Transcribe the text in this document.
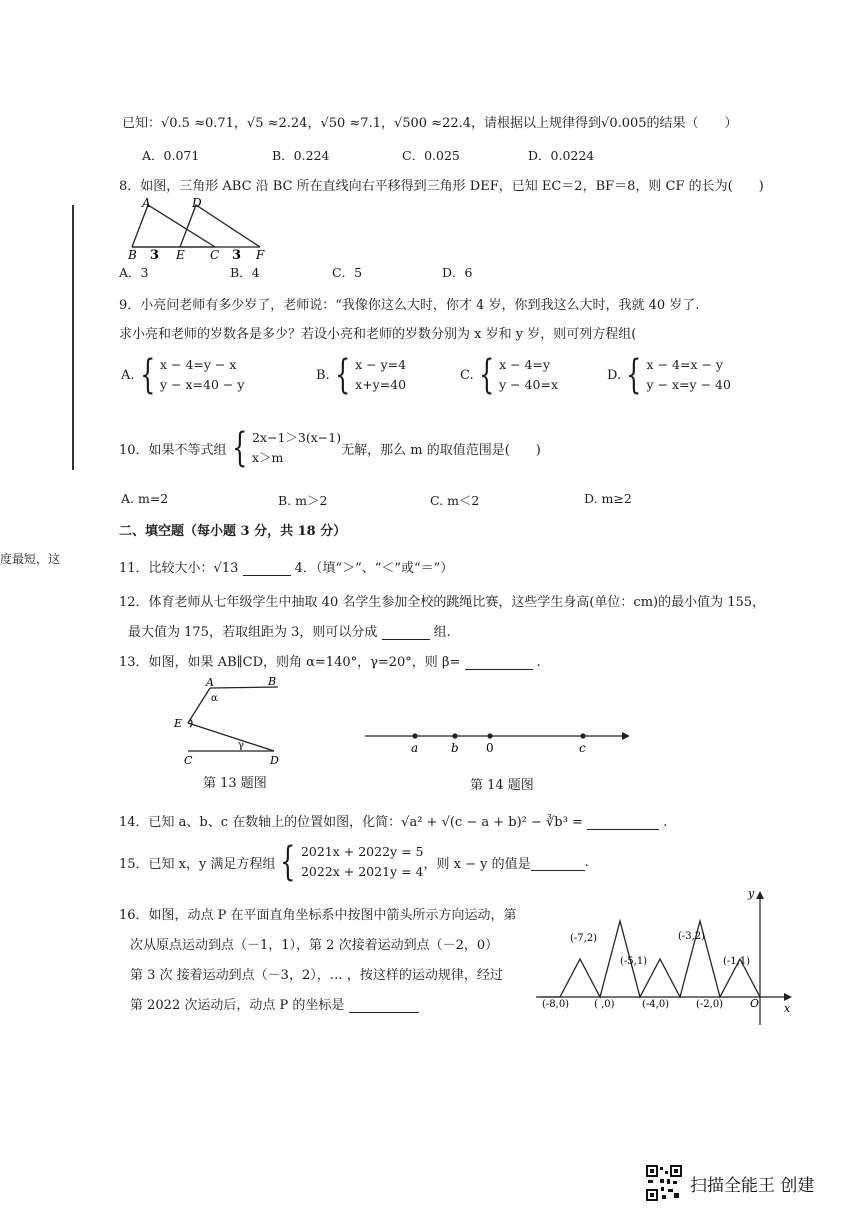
度最短，这
已知：√0.5 ≈0.71，√5 ≈2.24，√50 ≈7.1，√500 ≈22.4，请根据以上规律得到√0.005的结果（　　）
A．0.071	B．0.224	C．0.025	D．0.0224
8．如图，三角形 ABC 沿 BC 所在直线向右平移得到三角形 DEF，已知 EC＝2，BF＝8，则 CF 的长为(　　)
A	D
B	E C	F
3	3
A．3	B．4	C．5	D．6
9．小亮问老师有多少岁了，老师说：“我像你这么大时，你才 4 岁，你到我这么大时，我就 40 岁了.
求小亮和老师的岁数各是多少？若设小亮和老师的岁数分别为 x 岁和 y 岁，则可列方程组(
A. { x − 4=y − x
y − x=40 − y
B. { x − y=4
x+y=40
C. { x − 4=y
y − 40=x
D. { x − 4=x − y
y − x=y − 40
10．如果不等式组 { 2x−1＞3(x−1)
x＞m	无解，那么 m 的取值范围是(　　)
A. m=2	B. m＞2	C. m＜2	D. m≥2
二、填空题（每小题 3 分，共 18 分）
11．比较大小：√13	4．（填“＞”、“＜”或“＝”）
12．体育老师从七年级学生中抽取 40 名学生参加全校的跳绳比赛，这些学生身高(单位：cm)的最小值为 155，
最大值为 175，若取组距为 3，则可以分成	组.
13．如图，如果 AB∥CD，则角 α=140°，γ=20°，则 β=	.
A	B
E
C	D
α
γ
第 13 题图
a	b 0	c
第 14 题图
14．已知 a、b、c 在数轴上的位置如图，化简：√a² + √(c − a + b)² − ∛b³ =	.
15．已知 x，y 满足方程组 { 2021x + 2022y = 5
2022x + 2021y = 4 ，则 x − y 的值是	.
16．如图，动点 P 在平面直角坐标系中按图中箭头所示方向运动，第
次从原点运动到点（－1，1），第 2 次接着运动到点（－2，0）
第 3 次 接着运动到点（－3，2），… ，按这样的运动规律，经过
第 2022 次运动后，动点 P 的坐标是	x
y
O
(-7,2)
(-5,1)
(-3,2)
(-1,1)
(-8,0) ( ,0)	(-4,0)	(-2,0)
扫描全能王 创建
